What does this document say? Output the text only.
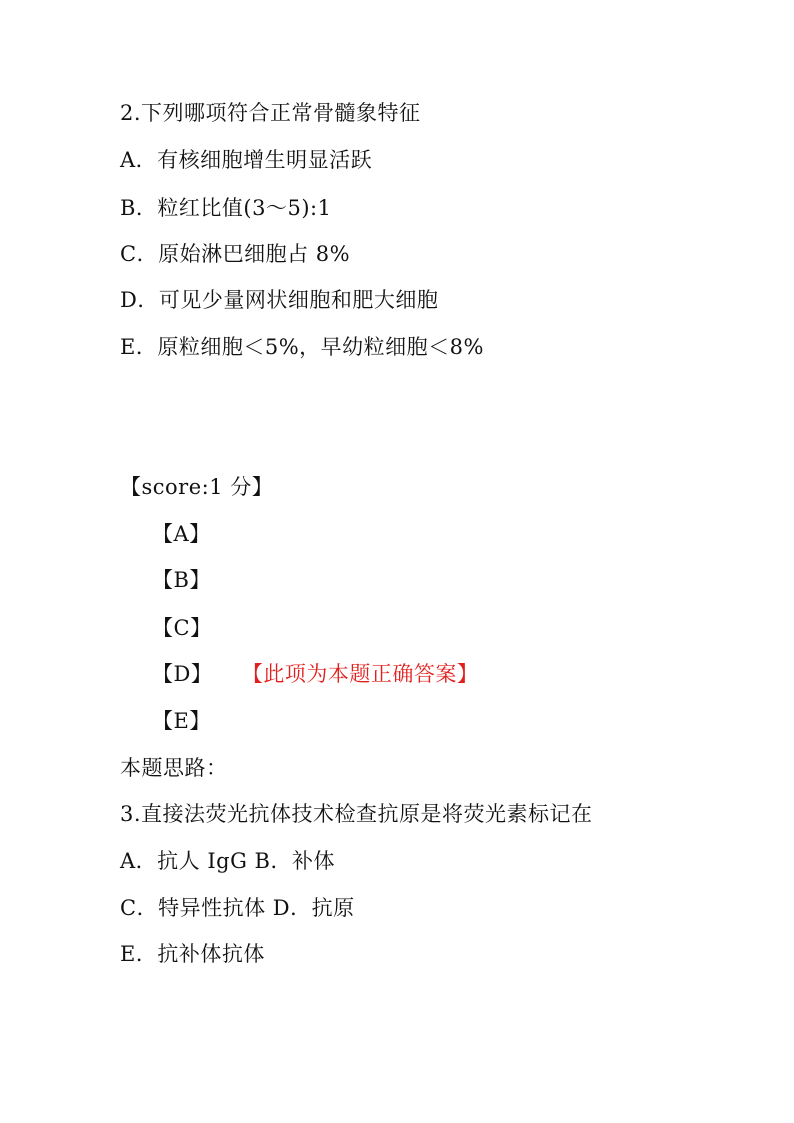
2.下列哪项符合正常骨髓象特征
A．有核细胞增生明显活跃
B．粒红比值(3～5):1
C．原始淋巴细胞占 8%
D．可见少量网状细胞和肥大细胞
E．原粒细胞＜5%，早幼粒细胞＜8%
【score:1 分】
【A】
【B】
【C】
【D】 【此项为本题正确答案】
【E】
本题思路：
3.直接法荧光抗体技术检查抗原是将荧光素标记在
A．抗人 IgG B．补体
C．特异性抗体 D．抗原
E．抗补体抗体
